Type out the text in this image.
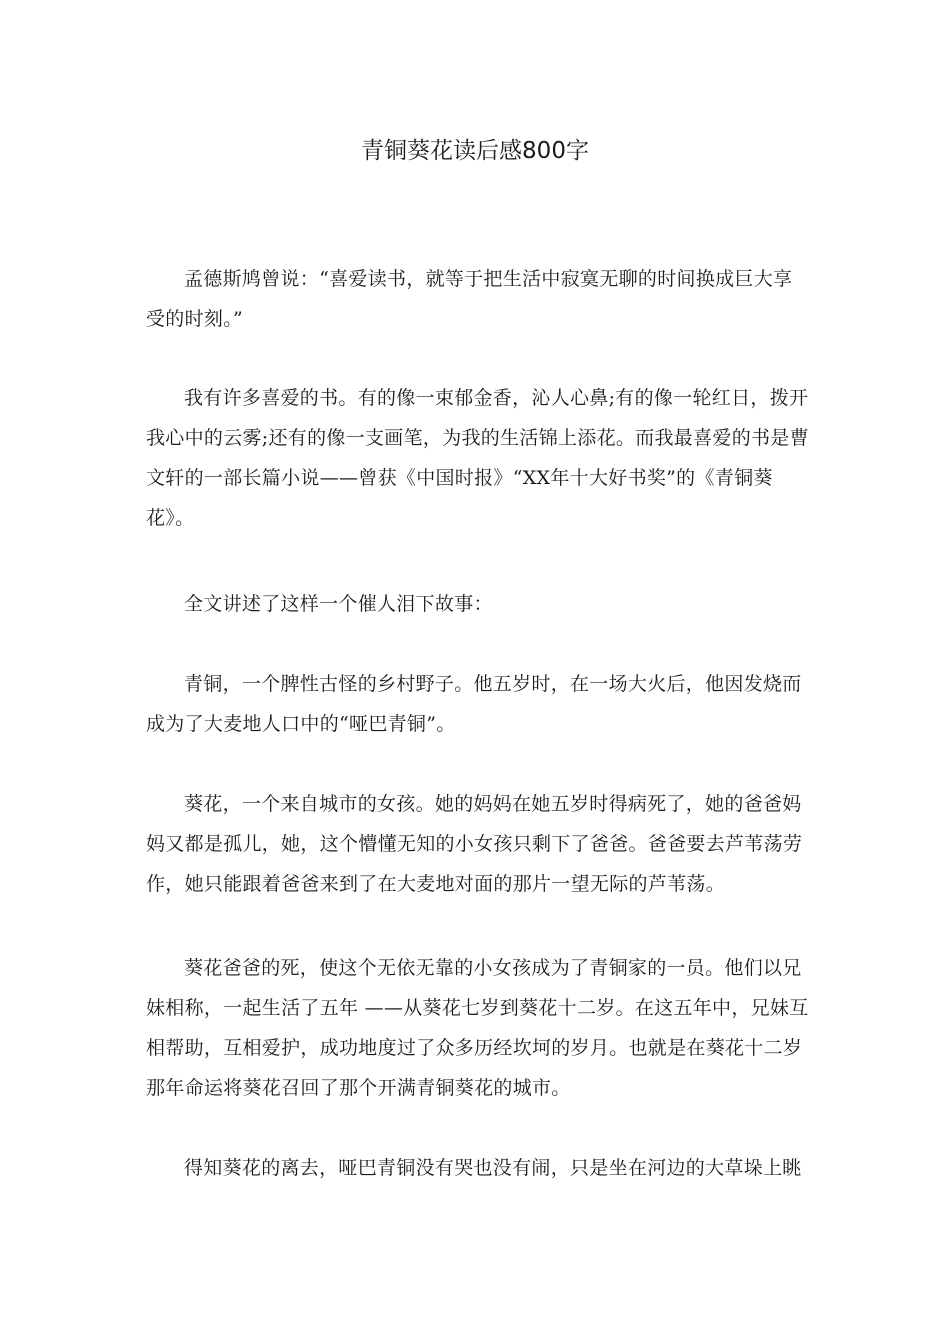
青铜葵花读后感800字
孟德斯鸠曾说：“喜爱读书，就等于把生活中寂寞无聊的时间换成巨大享
受的时刻。”
我有许多喜爱的书。有的像一束郁金香，沁人心鼻;有的像一轮红日，拨开
我心中的云雾;还有的像一支画笔，为我的生活锦上添花。而我最喜爱的书是曹
文轩的一部长篇小说——曾获《中国时报》“XX年十大好书奖”的《青铜葵
花》。
全文讲述了这样一个催人泪下故事：
青铜，一个脾性古怪的乡村野子。他五岁时，在一场大火后，他因发烧而
成为了大麦地人口中的“哑巴青铜”。
葵花，一个来自城市的女孩。她的妈妈在她五岁时得病死了，她的爸爸妈
妈又都是孤儿，她，这个懵懂无知的小女孩只剩下了爸爸。爸爸要去芦苇荡劳
作，她只能跟着爸爸来到了在大麦地对面的那片一望无际的芦苇荡。
葵花爸爸的死，使这个无依无靠的小女孩成为了青铜家的一员。他们以兄
妹相称，一起生活了五年 ——从葵花七岁到葵花十二岁。在这五年中，兄妹互
相帮助，互相爱护，成功地度过了众多历经坎坷的岁月。也就是在葵花十二岁
那年命运将葵花召回了那个开满青铜葵花的城市。
得知葵花的离去，哑巴青铜没有哭也没有闹，只是坐在河边的大草垛上眺
